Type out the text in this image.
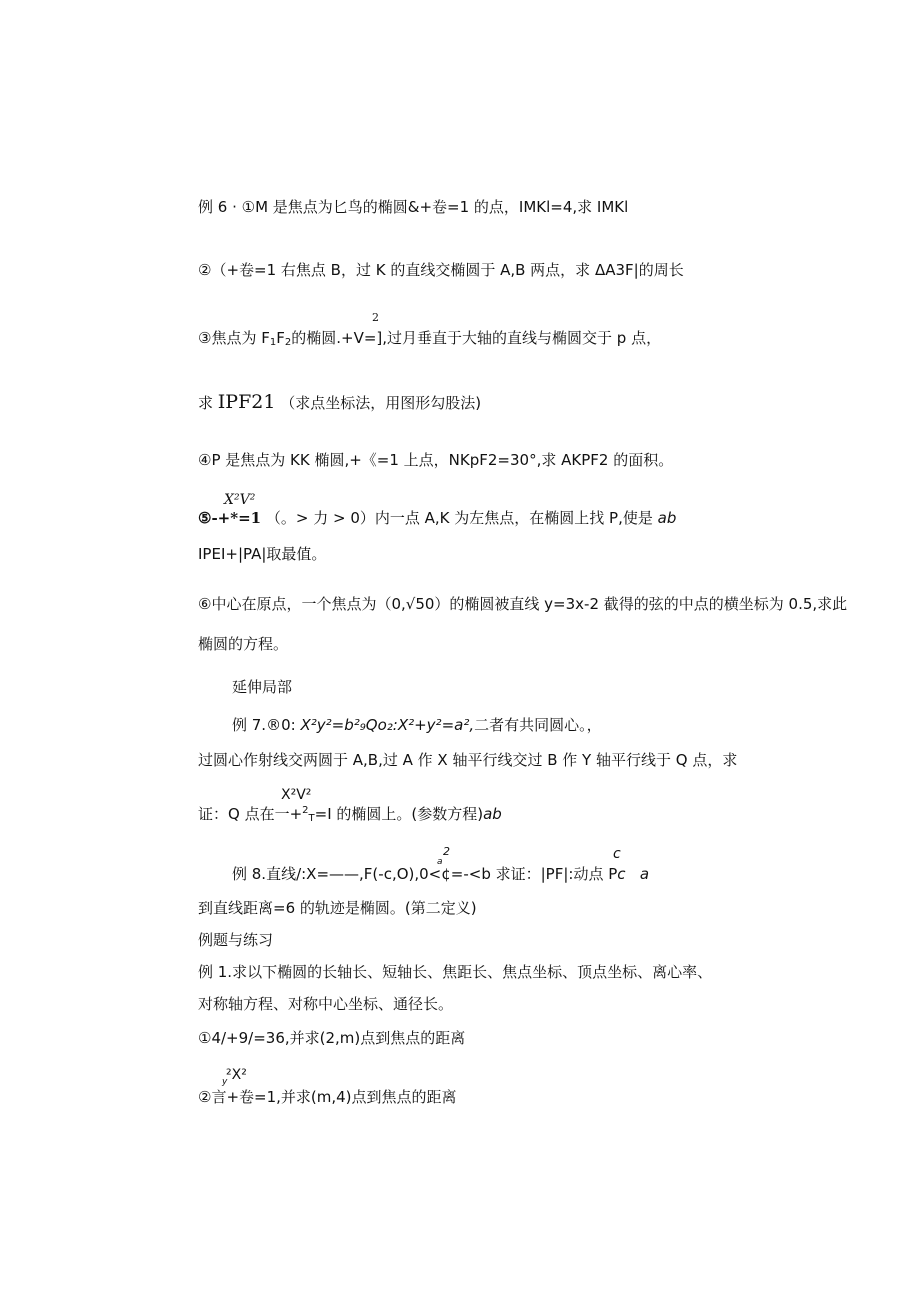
例 6 · ①M 是焦点为匕鸟的椭圆&+卷=1 的点，IMKl=4,求 IMKl
②（+卷=1 右焦点 B，过 K 的直线交椭圆于 A,B 两点，求 ΔA3F|的周长
2
③焦点为 F1F2的椭圆.+V=],过月垂直于大轴的直线与椭圆交于 p 点，
求 IPF21 （求点坐标法，用图形勾股法)
④P 是焦点为 KK 椭圆,+《=1 上点，NKpF2=30°,求 AKPF2 的面积。
X²V²
⑤-+*=1 （。> 力 > 0）内一点 A,K 为左焦点，在椭圆上找 P,使是 ab
IPEI+|PA|取最值。
⑥中心在原点，一个焦点为（0,√50）的椭圆被直线 y=3x-2 截得的弦的中点的横坐标为 0.5,求此
椭圆的方程。
延伸局部
例 7.®0: X²y²=b²₉Qo₂:X²+y²=a²,二者有共同圆心。，
过圆心作射线交两圆于 A,B,过 A 作 X 轴平行线交过 B 作 Y 轴平行线于 Q 点，求
X²V²
证：Q 点在一+$^2$T=I 的椭圆上。(参数方程)ab
a
2	c
例 8.直线/:X=——,F(-c,O),0<¢=-<b 求证：|PF|:动点 Pc a
到直线距离=6 的轨迹是椭圆。(第二定义)
例题与练习
例 1.求以下椭圆的长轴长、短轴长、焦距长、焦点坐标、顶点坐标、离心率、
对称轴方程、对称中心坐标、通径长。
①4/+9/=36,并求(2,m)点到焦点的距离
y
²X²
②言+卷=1,并求(m,4)点到焦点的距离
